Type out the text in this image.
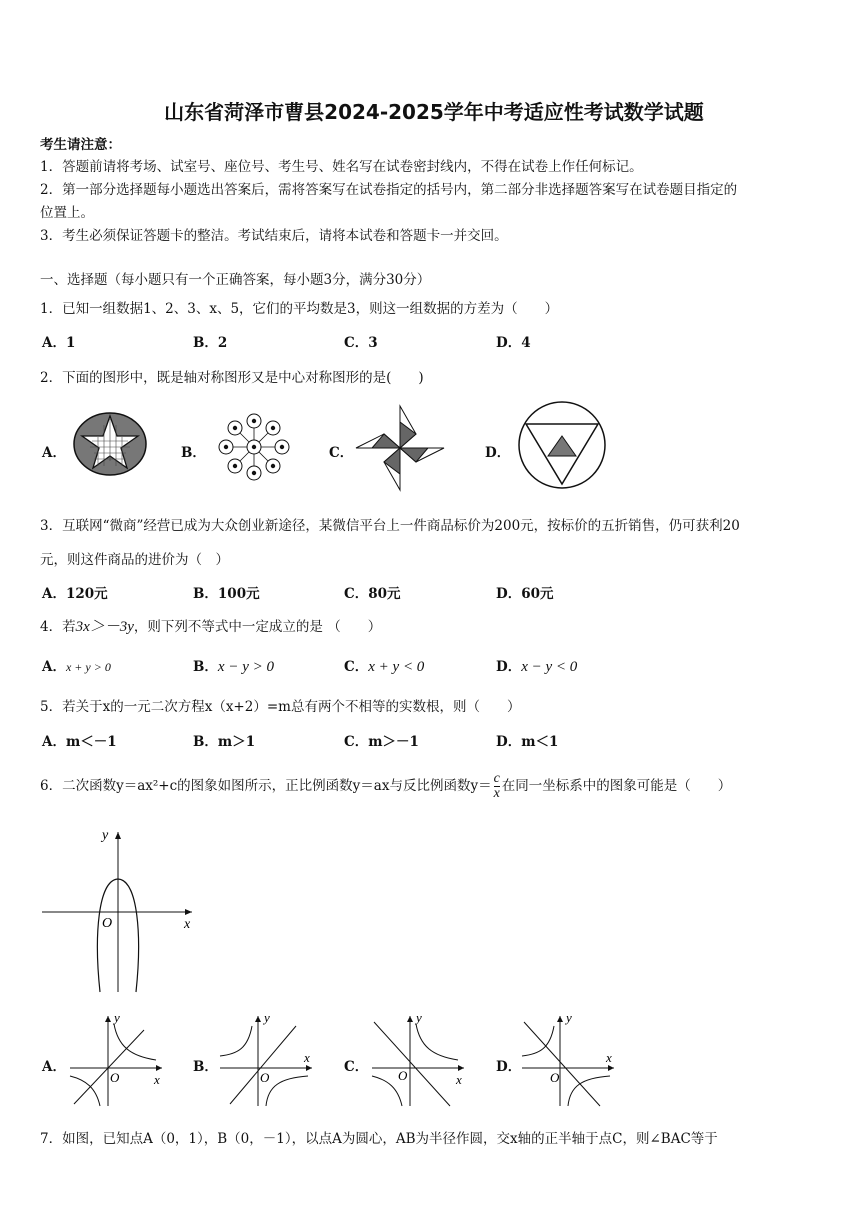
山东省菏泽市曹县2024-2025学年中考适应性考试数学试题
考生请注意：
1．答题前请将考场、试室号、座位号、考生号、姓名写在试卷密封线内，不得在试卷上作任何标记。
2．第一部分选择题每小题选出答案后，需将答案写在试卷指定的括号内，第二部分非选择题答案写在试卷题目指定的
位置上。
3．考生必须保证答题卡的整洁。考试结束后，请将本试卷和答题卡一并交回。
一、选择题（每小题只有一个正确答案，每小题3分，满分30分）
1．已知一组数据1、2、3、x、5，它们的平均数是3，则这一组数据的方差为（　　）
A．1	B．2	C．3	D．4
2．下面的图形中，既是轴对称图形又是中心对称图形的是(　　)
A．	B．	C．	D．
3．互联网“微商”经营已成为大众创业新途径，某微信平台上一件商品标价为200元，按标价的五折销售，仍可获利20
元，则这件商品的进价为（　）
A．120元	B．100元	C．80元	D．60元
4．若3x＞－3y，则下列不等式中一定成立的是 （　　）
A．x + y > 0	B．x − y > 0	C．x + y < 0	D．x − y < 0
5．若关于x的一元二次方程x（x+2）=m总有两个不相等的实数根，则（　　）
A．m＜－1	B．m＞1	C．m＞－1	D．m＜1
6．二次函数y＝ax²+c的图象如图所示，正比例函数y＝ax与反比例函数$y= \frac{c}{x}$ 在同一坐标系中的图象可能是（　　）
y
x
O
A．	B．	C．	D．
y
x
O
y
x
O
y
x
O
y
x
O
7．如图，已知点A（0，1），B（0，－1），以点A为圆心，AB为半径作圆，交x轴的正半轴于点C，则∠BAC等于
